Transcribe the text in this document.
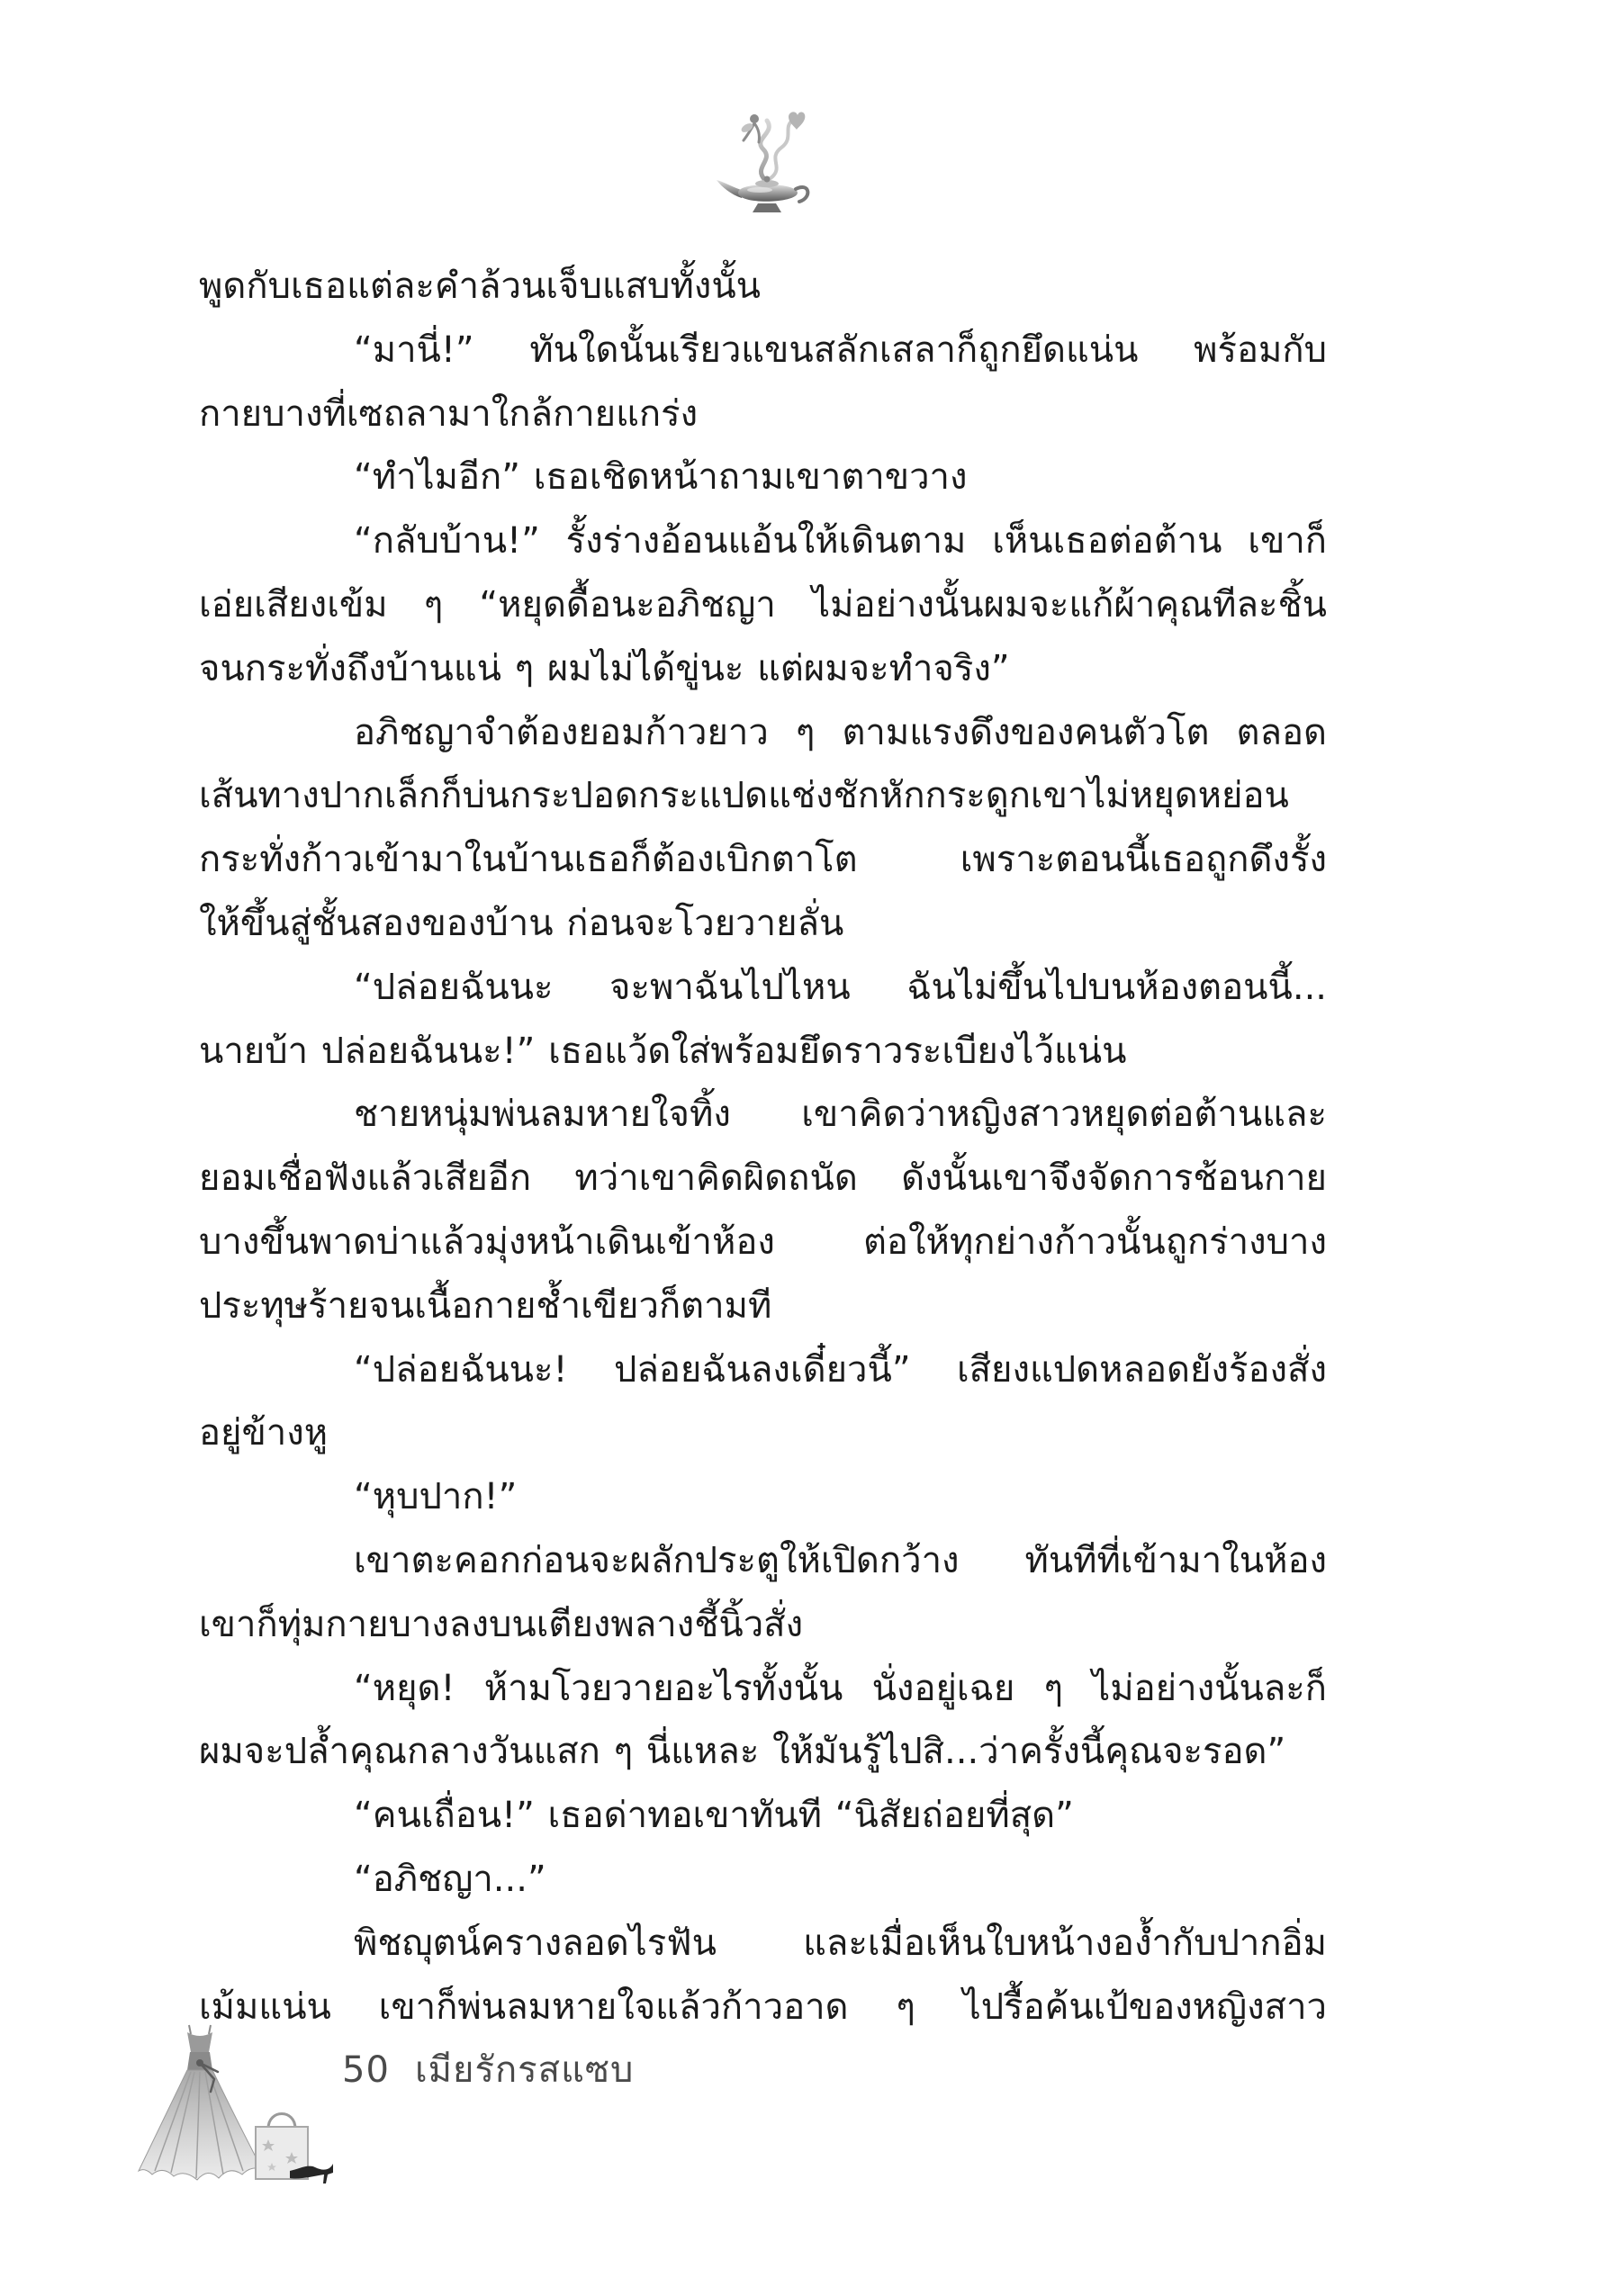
พูดกับเธอแต่ละคำล้วนเจ็บแสบทั้งนั้น
“มานี่!” ทันใดนั้นเรียวแขนสลักเสลาก็ถูกยึดแน่น พร้อมกับ
กายบางที่เซถลามาใกล้กายแกร่ง
“ทำไมอีก” เธอเชิดหน้าถามเขาตาขวาง
“กลับบ้าน!” รั้งร่างอ้อนแอ้นให้เดินตาม เห็นเธอต่อต้าน เขาก็
เอ่ยเสียงเข้ม ๆ “หยุดดื้อนะอภิชญา ไม่อย่างนั้นผมจะแก้ผ้าคุณทีละชิ้น
จนกระทั่งถึงบ้านแน่ ๆ ผมไม่ได้ขู่นะ แต่ผมจะทำจริง”
อภิชญาจำต้องยอมก้าวยาว ๆ ตามแรงดึงของคนตัวโต ตลอด
เส้นทางปากเล็กก็บ่นกระปอดกระแปดแช่งชักหักกระดูกเขาไม่หยุดหย่อน
กระทั่งก้าวเข้ามาในบ้านเธอก็ต้องเบิกตาโต เพราะตอนนี้เธอถูกดึงรั้ง
ให้ขึ้นสู่ชั้นสองของบ้าน ก่อนจะโวยวายลั่น
“ปล่อยฉันนะ จะพาฉันไปไหน ฉันไม่ขึ้นไปบนห้องตอนนี้...
นายบ้า ปล่อยฉันนะ!” เธอแว้ดใส่พร้อมยึดราวระเบียงไว้แน่น
ชายหนุ่มพ่นลมหายใจทิ้ง เขาคิดว่าหญิงสาวหยุดต่อต้านและ
ยอมเชื่อฟังแล้วเสียอีก ทว่าเขาคิดผิดถนัด ดังนั้นเขาจึงจัดการช้อนกาย
บางขึ้นพาดบ่าแล้วมุ่งหน้าเดินเข้าห้อง ต่อให้ทุกย่างก้าวนั้นถูกร่างบาง
ประทุษร้ายจนเนื้อกายช้ำเขียวก็ตามที
“ปล่อยฉันนะ! ปล่อยฉันลงเดี๋ยวนี้” เสียงแปดหลอดยังร้องสั่ง
อยู่ข้างหู
“หุบปาก!”
เขาตะคอกก่อนจะผลักประตูให้เปิดกว้าง ทันทีที่เข้ามาในห้อง
เขาก็ทุ่มกายบางลงบนเตียงพลางชี้นิ้วสั่ง
“หยุด! ห้ามโวยวายอะไรทั้งนั้น นั่งอยู่เฉย ๆ ไม่อย่างนั้นละก็
ผมจะปล้ำคุณกลางวันแสก ๆ นี่แหละ ให้มันรู้ไปสิ...ว่าครั้งนี้คุณจะรอด”
“คนเถื่อน!” เธอด่าทอเขาทันที “นิสัยถ่อยที่สุด”
“อภิชญา...”
พิชญุตน์ครางลอดไรฟัน และเมื่อเห็นใบหน้างอง้ำกับปากอิ่ม
เม้มแน่น เขาก็พ่นลมหายใจแล้วก้าวอาด ๆ ไปรื้อค้นเป้ของหญิงสาว
50 เมียรักรสแซบ
